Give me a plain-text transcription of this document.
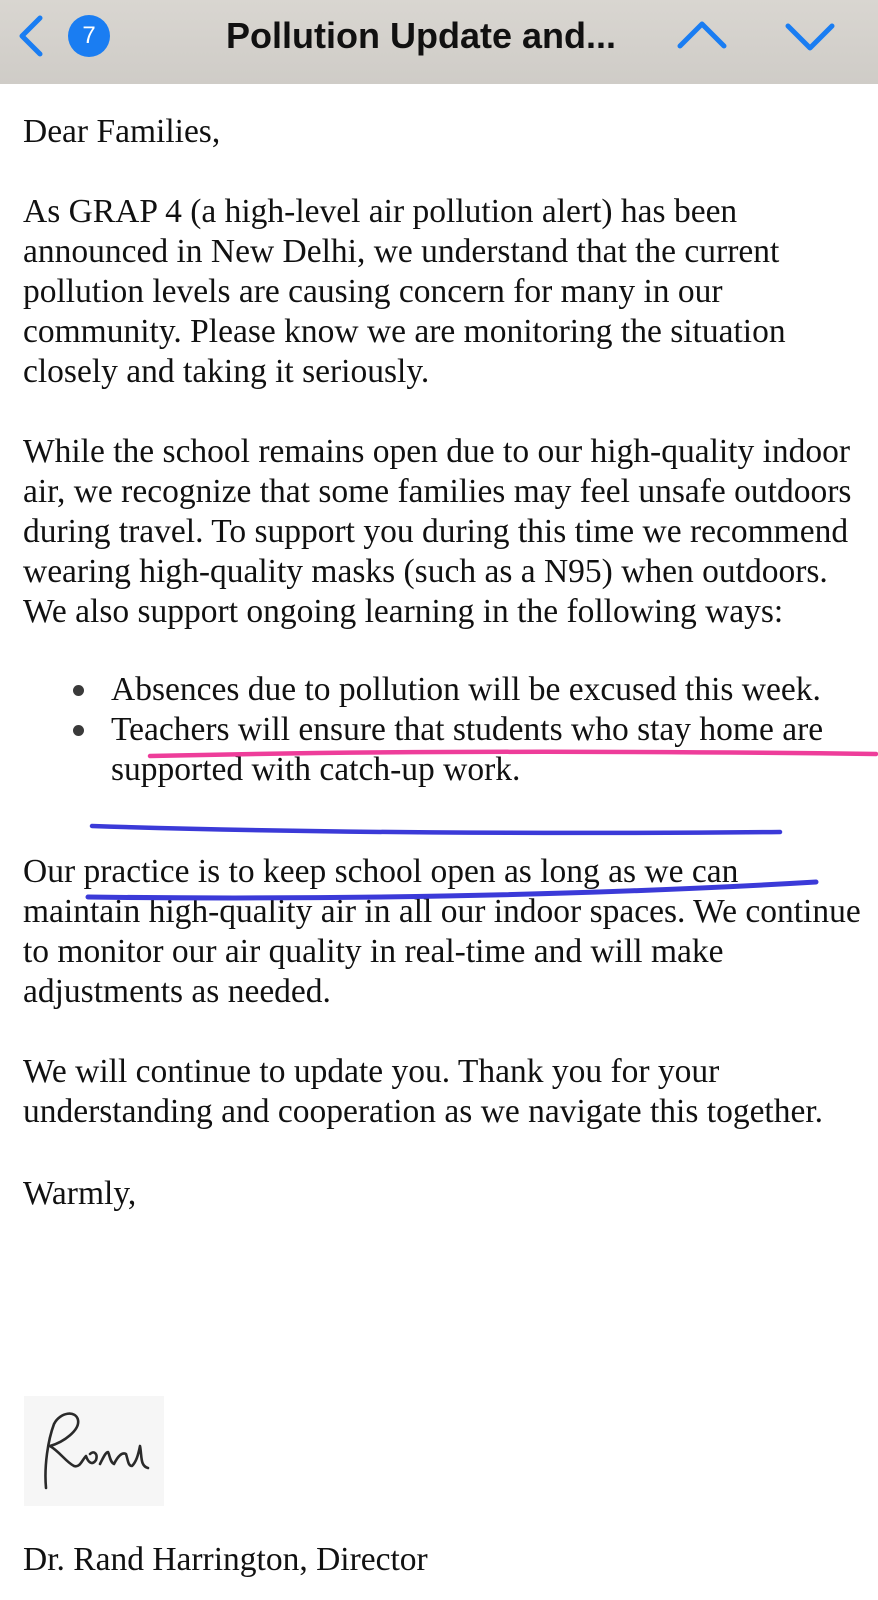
7	Pollution Update and...

Dear Families,

As GRAP 4 (a high-level air pollution alert) has been announced in New Delhi, we understand that the current pollution levels are causing concern for many in our community. Please know we are monitoring the situation closely and taking it seriously.

While the school remains open due to our high-quality indoor air, we recognize that some families may feel unsafe outdoors during travel. To support you during this time we recommend wearing high-quality masks (such as a N95) when outdoors. We also support ongoing learning in the following ways:

Absences due to pollution will be excused this week.
Teachers will ensure that students who stay home are supported with catch-up work.

Our practice is to keep school open as long as we can maintain high-quality air in all our indoor spaces. We continue to monitor our air quality in real-time and will make adjustments as needed.

We will continue to update you. Thank you for your understanding and cooperation as we navigate this together.

Warmly,

Dr. Rand Harrington, Director
